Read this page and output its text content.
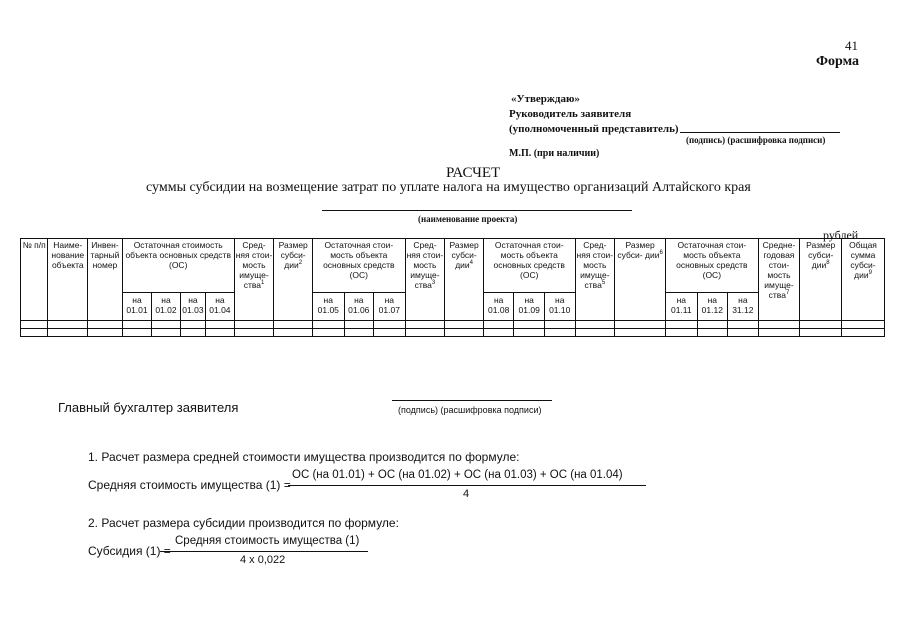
41
Форма
«Утверждаю»
Руководитель заявителя
(уполномоченный представитель)
(подпись) (расшифровка подписи)
М.П. (при наличии)
РАСЧЕТ
суммы субсидии на возмещение затрат по уплате налога на имущество организаций Алтайского края
(наименование проекта)
рублей
№ п/п	Наиме- нование объекта	Инвен- тарный номер	Остаточная стоимость объекта основных средств (ОС)				Сред- няя стои- мость имуще- ства$^1$	Размер субси- дии$^2$	Остаточная стои- мость объекта основных средств (ОС)			Сред- няя стои- мость имуще- ства$^3$	Размер субси- дии$^4$	Остаточная стои- мость объекта основных средств (ОС)			Сред- няя стои- мость имуще- ства$^5$	Размер субси- дии$^6$	Остаточная стои- мость объекта основных средств (ОС)			Средне- годовая стои- мость имуще- ства$^7$	Размер субси- дии$^8$	Общая сумма субси- дии$^9$
			на 01.01	на 01.02	на 01.03	на 01.04			на 01.05	на 01.06	на 01.07			на 01.08	на 01.09	на 01.10			на 01.11	на 01.12	на 31.12			

Главный бухгалтер заявителя	(подпись) (расшифровка подписи)
1. Расчет размера средней стоимости имущества производится по формуле:
Средняя стоимость имущества (1) =
ОС (на 01.01) + ОС (на 01.02) + ОС (на 01.03) + ОС (на 01.04)
4
2. Расчет размера субсидии производится по формуле:
Субсидия (1) =
Средняя стоимость имущества (1)
4 x 0,022
